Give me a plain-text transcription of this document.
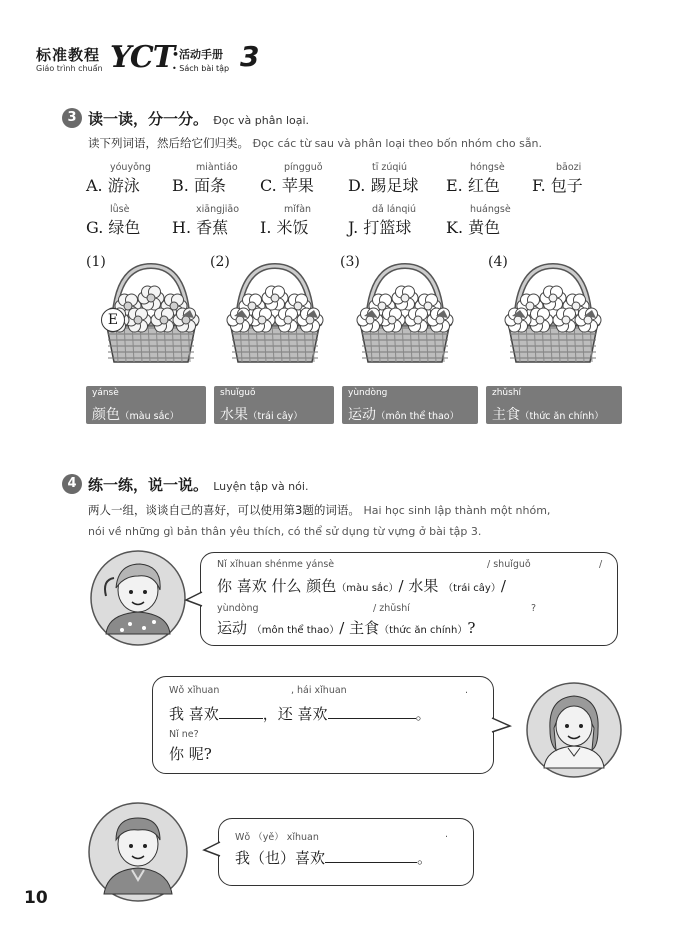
标准教程
Giáo trình chuẩn YCT
•活动手册
• Sách bài tập 3
3 读一读，分一分。 Đọc và phân loại.
读下列词语，然后给它们归类。 Đọc các từ sau và phân loại theo bốn nhóm cho sẵn.
yóuyǒng
A. 游泳
miàntiáo
B. 面条
píngguǒ
C. 苹果
tī zúqiú
D. 踢足球
hóngsè
E. 红色
bāozi
F. 包子
lǜsè
G. 绿色
xiāngjiāo
H. 香蕉
mǐfàn
I. 米饭
dǎ lánqiú
J. 打篮球
huángsè
K. 黄色
(1)
E
(2)	(3)	(4)
yánsè
颜色（màu sắc）
shuǐguǒ
水果（trái cây）
yùndòng
运动（môn thể thao）
zhǔshí
主食（thức ăn chính）
4 练一练，说一说。 Luyện tập và nói.
两人一组，谈谈自己的喜好，可以使用第3题的词语。 Hai học sinh lập thành một nhóm,
nói về những gì bản thân yêu thích, có thể sử dụng từ vựng ở bài tập 3.
Nǐ xǐhuan shénme yánsè	/ shuǐguǒ	/
你 喜欢 什么 颜色（màu sắc）/ 水果 （trái cây）/
yùndòng	/ zhǔshí	?
运动 （môn thể thao）/ 主食（thức ăn chính）?
Wǒ xǐhuan	, hái xǐhuan	.
我 喜欢	，还 喜欢	。
Nǐ ne?
你 呢?
Wǒ （yě） xǐhuan	.
我（也）喜欢	。
10
